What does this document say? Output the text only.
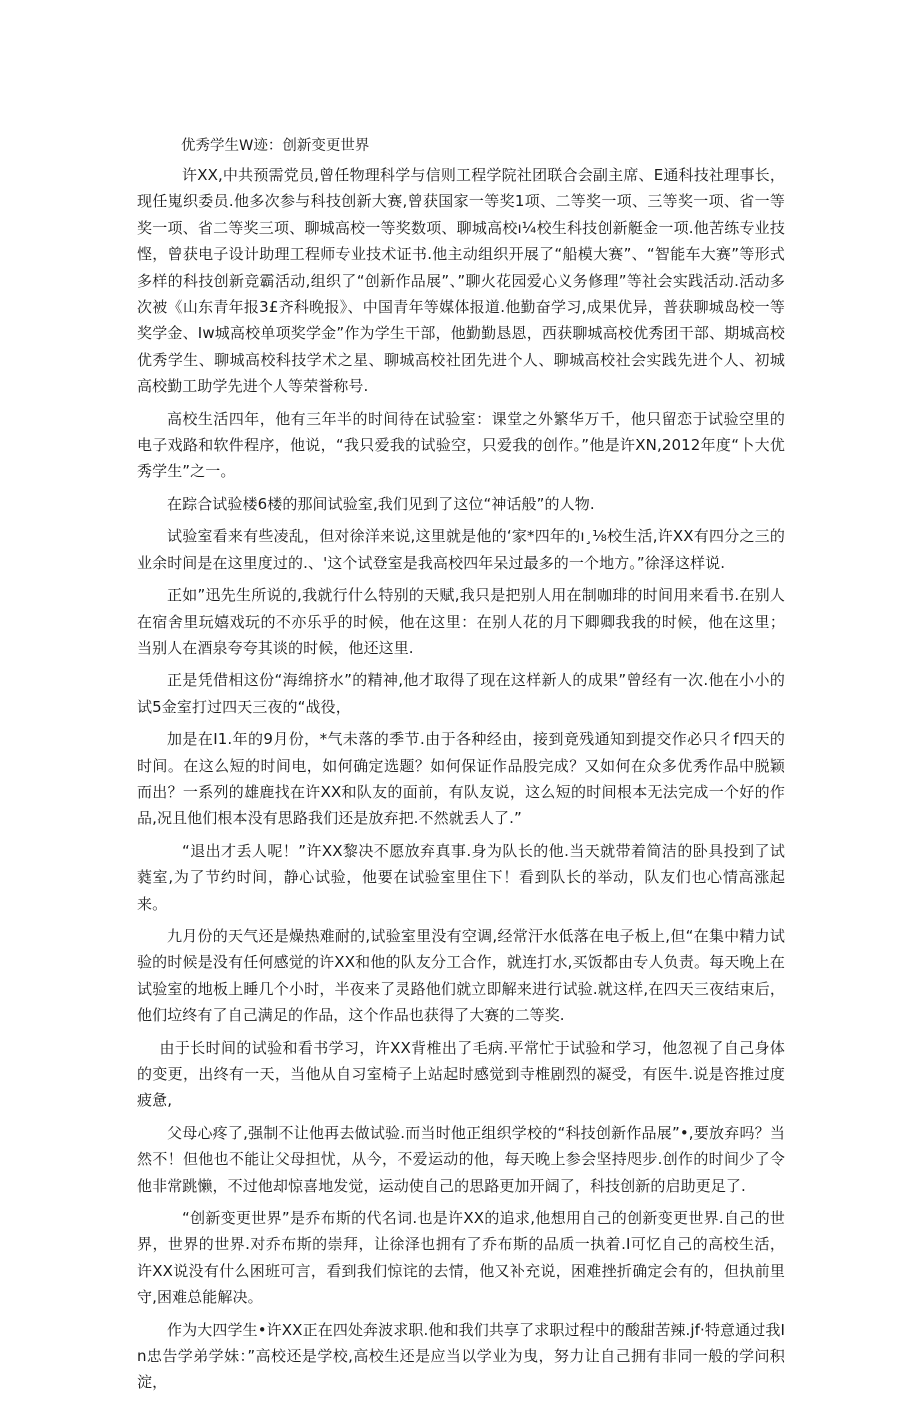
优秀学生W迹：创新变更世界

许XX,中共预需党员,曾任物理科学与信则工程学院社团联合会副主席、E通科技社理事长，现任嵬织委员.他多次参与科技创新大赛,曾获国家一等奖1项、二等奖一项、三等奖一项、省一等奖一项、省二等奖三项、聊城高校一等奖数项、聊城高校ı¼校生科技创新艇金一项.他苦练专业技悭，曾获电子设计助理工程师专业技术证书.他主动组织开展了“船模大赛”、“智能车大赛”等形式多样的科技创新竞霸活动,组织了“创新作品展”、”聊火花园爱心义务修理”等社会实践活动.活动多次被《山东青年报3£齐科晚报》、中国青年等媒体报道.他勤奋学习,成果优异，普获聊城岛校一等奖学金、Iw城高校单项奖学金”作为学生干部，他勤勤恳恩，西获聊城高校优秀团干部、期城高校优秀学生、聊城高校科技学术之星、聊城高校社团先进个人、聊城高校社会实践先进个人、初城高校勤工助学先进个人等荣誉称号.

高校生活四年，他有三年半的时间待在试验室：课堂之外繁华万千，他只留恋于试验空里的电子戏路和软件程序，他说，“我只爱我的试验空，只爱我的创作。”他是许XN,2012年度“卜大优秀学生”之一。

在踪合试验楼6楼的那间试验室,我们见到了这位“神话般”的人物.

试验室看来有些凌乱，但对徐洋来说,这里就是他的‘家*四年的ı¸⅛校生活,许XX有四分之三的业余时间是在这里度过的.、'这个试登室是我高校四年呆过最多的一个地方。”徐泽这样说.

正如”迅先生所说的,我就行什么特别的天赋,我只是把别人用在制咖琲的时间用来看书.在别人在宿舍里玩嬉戏玩的不亦乐乎的时候，他在这里：在别人花的月下卿卿我我的时候，他在这里；当别人在酒泉夸夸其谈的时候，他还这里.

正是凭借相这份“海绵挤水”的精神,他才取得了现在这样新人的成果”曾经有一次.他在小小的试5金室打过四天三夜的“战役，

加是在I1.年的9月份，*气未落的季节.由于各种经由，接到竟残通知到提交作必只彳f四天的时间。在这么短的时间电，如何确定选题？如何保证作品股完成？又如何在众多优秀作品中脱颖而出？一系列的雄鹿找在许XX和队友的面前，有队友说，这么短的时间根本无法完成一个好的作品,况且他们根本没有思路我们还是放弃把.不然就丢人了.”

“退出才丢人呢！”许XX黎决不愿放弃真事.身为队长的他.当天就带着简洁的卧具投到了试蕤室,为了节约时间，静心试验，他要在试验室里住下！看到队长的举动，队友们也心情高涨起来。

九月份的天气还是燥热难耐的,试验室里没有空调,经常汗水低落在电子板上,但“在集中精力试验的时候是没有任何感觉的许XX和他的队友分工合作，就连打水,买饭都由专人负责。每天晚上在试验室的地板上睡几个小时，半夜来了灵路他们就立即解来进行试验.就这样,在四天三夜结束后，他们垃终有了自己满足的作品，这个作品也获得了大赛的二等奖.

由于长时间的试验和看书学习，许XX背椎出了毛病.平常忙于试验和学习，他忽视了自己身体的变更，出终有一天，当他从自习室椅子上站起时感觉到寺椎剧烈的凝受，有医牛.说是咨推过度疲惫,

父母心疼了,强制不让他再去做试验.而当时他正组织学校的“科技创新作品展”•,要放弃吗？当然不！但他也不能让父母担忧，从今，不爱运动的他，每天晚上参会坚持咫步.创作的时间少了令他非常跳懒，不过他却惊喜地发觉，运动使自己的思路更加开阔了，科技创新的启助更足了.

“创新变更世界”是乔布斯的代名词.也是许XX的追求,他想用自己的创新变更世界.自己的世界，世界的世界.对乔布斯的崇拜，让徐泽也拥有了乔布斯的品质一执着.I可忆自己的高校生活，许XX说没有什么困班可言，看到我们惊诧的去情，他又补充说，困难挫折确定会有的，但执前里守,困难总能解决。

作为大四学生•许XX正在四处奔波求职.他和我们共享了求职过程中的酸甜苦辣.jf·特意通过我In忠告学弟学妹：”高校还是学校,高校生还是应当以学业为曳，努力让自己拥有非同一般的学问积淀，
